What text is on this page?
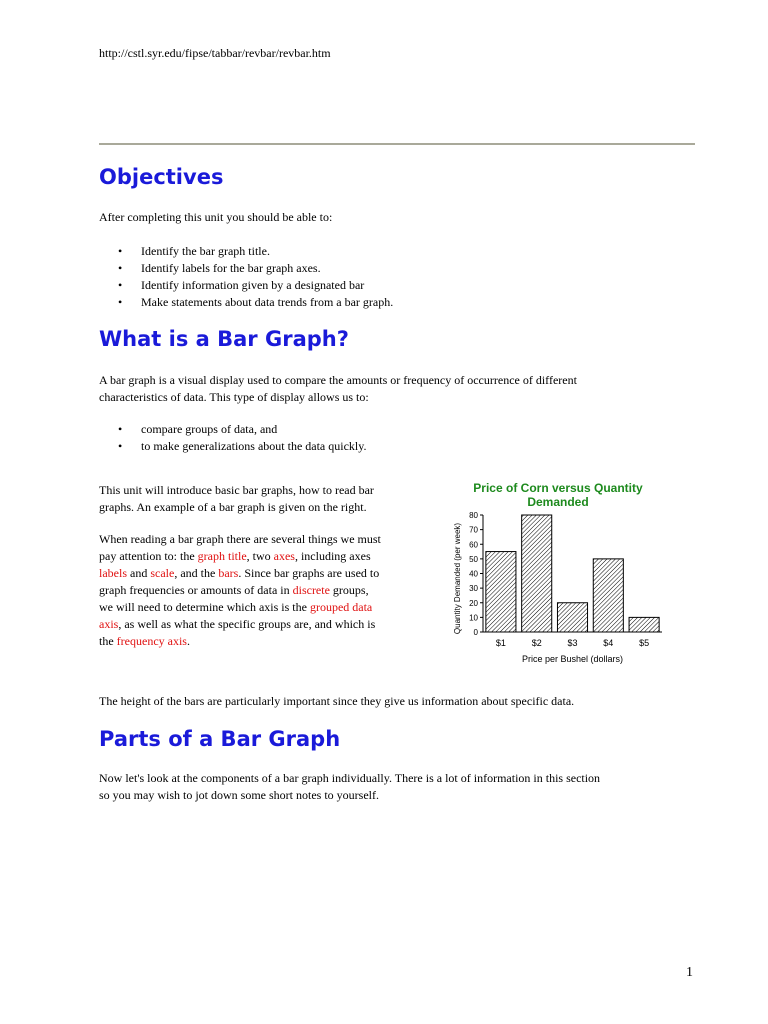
http://cstl.syr.edu/fipse/tabbar/revbar/revbar.htm
Objectives

After completing this unit you should be able to:

• Identify the bar graph title.
• Identify labels for the bar graph axes.
• Identify information given by a designated bar
• Make statements about data trends from a bar graph.
What is a Bar Graph?

A bar graph is a visual display used to compare the amounts or frequency of occurrence of different
characteristics of data. This type of display allows us to:

• compare groups of data, and
• to make generalizations about the data quickly.

This unit will introduce basic bar graphs, how to read bar
graphs. An example of a bar graph is given on the right.

When reading a bar graph there are several things we must
pay attention to: the graph title, two axes, including axes
labels and scale, and the bars. Since bar graphs are used to
graph frequencies or amounts of data in discrete groups,
we will need to determine which axis is the grouped data
axis, as well as what the specific groups are, and which is
the frequency axis.

Price of Corn versus Quantity
Demanded
0
10
20
30
40
50
60
70
80
$1	$2	$3	$4	$5
Price per Bushel (dollars)
Quantity Demanded (per week)

The height of the bars are particularly important since they give us information about specific data.

Parts of a Bar Graph

Now let's look at the components of a bar graph individually. There is a lot of information in this section
so you may wish to jot down some short notes to yourself.

1
